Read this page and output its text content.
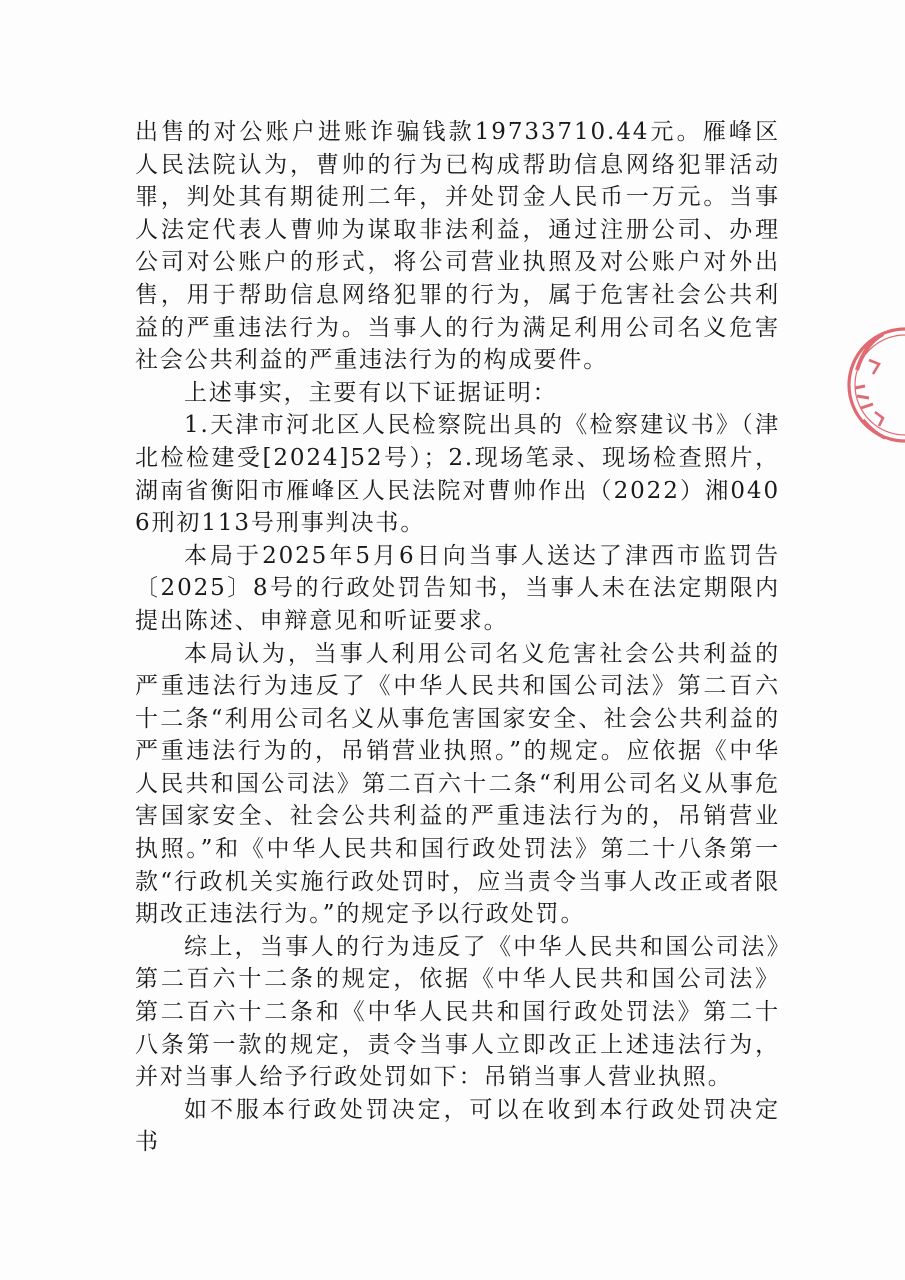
出售的对公账户进账诈骗钱款19733710.44元。雁峰区人民法院认为，曹帅的行为已构成帮助信息网络犯罪活动罪，判处其有期徒刑二年，并处罚金人民币一万元。当事人法定代表人曹帅为谋取非法利益，通过注册公司、办理公司对公账户的形式，将公司营业执照及对公账户对外出售，用于帮助信息网络犯罪的行为，属于危害社会公共利益的严重违法行为。当事人的行为满足利用公司名义危害社会公共利益的严重违法行为的构成要件。

上述事实，主要有以下证据证明：

1.天津市河北区人民检察院出具的《检察建议书》（津北检检建受[2024]52号）；2.现场笔录、现场检查照片，湖南省衡阳市雁峰区人民法院对曹帅作出（2022）湘0406刑初113号刑事判决书。

本局于2025年5月6日向当事人送达了津西市监罚告〔2025〕8号的行政处罚告知书，当事人未在法定期限内提出陈述、申辩意见和听证要求。

本局认为，当事人利用公司名义危害社会公共利益的严重违法行为违反了《中华人民共和国公司法》第二百六十二条“利用公司名义从事危害国家安全、社会公共利益的严重违法行为的，吊销营业执照。”的规定。应依据《中华人民共和国公司法》第二百六十二条“利用公司名义从事危害国家安全、社会公共利益的严重违法行为的，吊销营业执照。”和《中华人民共和国行政处罚法》第二十八条第一款“行政机关实施行政处罚时，应当责令当事人改正或者限期改正违法行为。”的规定予以行政处罚。

综上，当事人的行为违反了《中华人民共和国公司法》第二百六十二条的规定，依据《中华人民共和国公司法》第二百六十二条和《中华人民共和国行政处罚法》第二十八条第一款的规定，责令当事人立即改正上述违法行为，并对当事人给予行政处罚如下：吊销当事人营业执照。

如不服本行政处罚决定，可以在收到本行政处罚决定书
